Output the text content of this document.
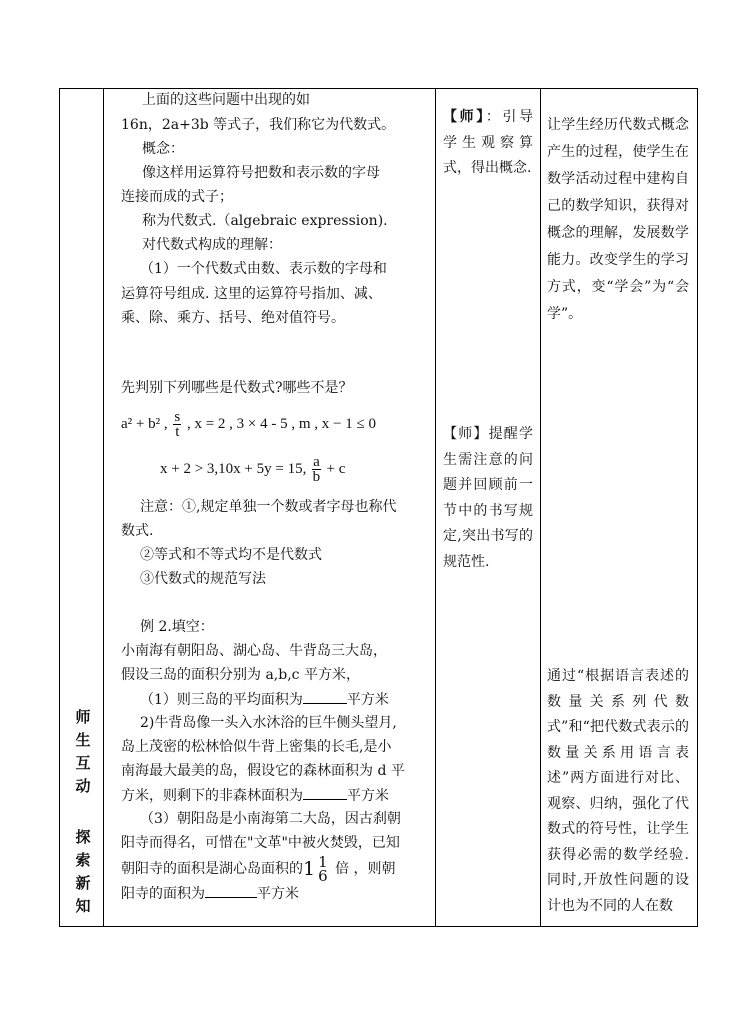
师
生
互
动
探
索
新
知
上面的这些问题中出现的如
16n，2a+3b 等式子，我们称它为代数式。
概念：
像这样用运算符号把数和表示数的字母
连接而成的式子；
称为代数式.（algebraic expression).
对代数式构成的理解：
（1）一个代数式由数、表示数的字母和
运算符号组成. 这里的运算符号指加、减、
乘、除、乘方、括号、绝对值符号。
先判别下列哪些是代数式?哪些不是？
a² + b² , $\frac{s}{t}$ , x = 2 , 3 × 4 - 5 , m , x − 1 ≤ 0
x + 2 > 3,10x + 5y = 15, $\frac{a}{b} + c$
注意：①,规定单独一个数或者字母也称代
数式.
②等式和不等式均不是代数式
③代数式的规范写法
例 2.填空：
小南海有朝阳岛、湖心岛、牛背岛三大岛，
假设三岛的面积分别为 a,b,c 平方米，
（1）则三岛的平均面积为	平方米
2)牛背岛像一头入水沐浴的巨牛侧头望月,
岛上茂密的松林恰似牛背上密集的长毛,是小
南海最大最美的岛，假设它的森林面积为 d 平
方米，则剩下的非森林面积为	平方米
（3）朝阳岛是小南海第二大岛，因古刹朝
阳寺而得名，可惜在"文革"中被火焚毁，已知
朝阳寺的面积是湖心岛面积的1 1
6 倍 ，则朝
阳寺的面积为	平方米
【师】：引导学生观察算式，得出概念.
【师】提醒学生需注意的问题并回顾前一节中的书写规定,突出书写的规范性.
让学生经历代数式概念产生的过程，使学生在数学活动过程中建构自己的数学知识，获得对概念的理解，发展数学能力。改变学生的学习方式，变“学会”为“会学”。
通过“根据语言表述的数量关系列代数式”和“把代数式表示的数量关系用语言表述”两方面进行对比、观察、归纳，强化了代数式的符号性，让学生获得必需的数学经验. 同时,开放性问题的设计也为不同的人在数
